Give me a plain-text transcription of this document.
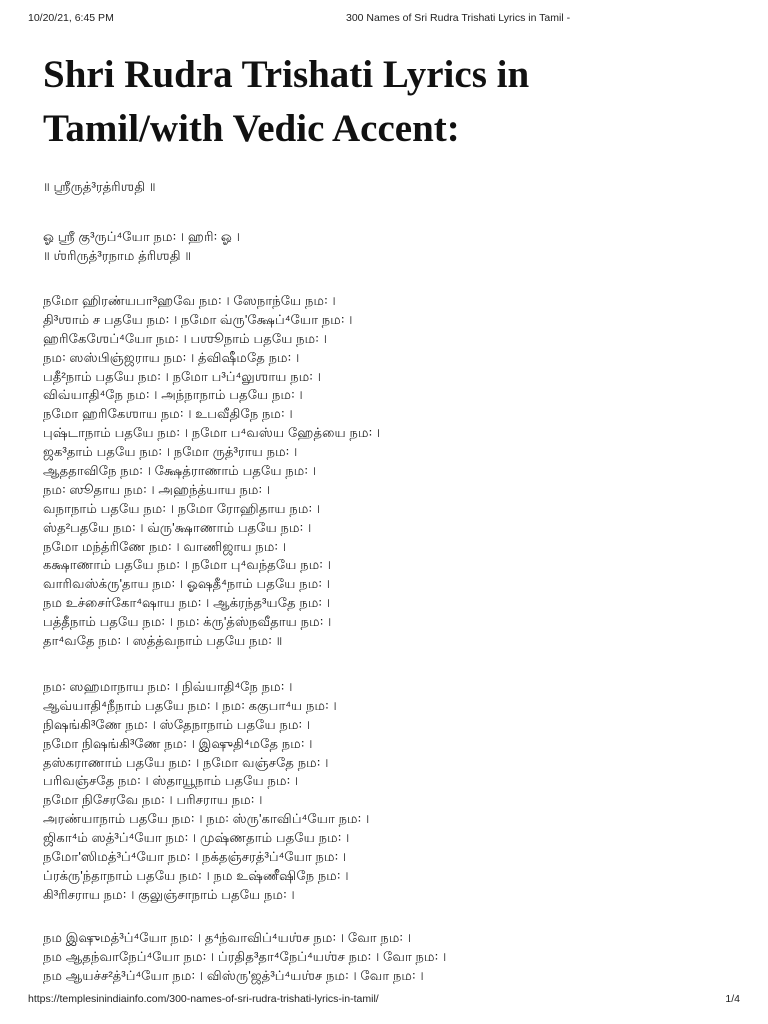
10/20/21, 6:45 PM	300 Names of Sri Rudra Trishati Lyrics in Tamil -
Shri Rudra Trishati Lyrics in Tamil/with Vedic Accent:
॥ ஶ்ரீருத்³ரத்ரிஶதி ॥
ஓ ஶ்ரீ கு³ருப்⁴யோ நம꞉ । ஹரி꞉ ஓ ।
॥ ஶ்ரிருத்³ரநாம த்ரிஶதி ॥
நமோ ஹிரண்யபா³ஹவே நம꞉ । ஸேநாந்யே நம꞉ ।
தி³ஶாம் ச பதயே நம꞉ । நமோ வ்ரு'க்ஷேப்⁴யோ நம꞉ ।
ஹரிகேஶேப்⁴யோ நம꞉ । பஶூநாம் பதயே நம꞉ ।
நம꞉ ஸஸ்பிஞ்ஜராய நம꞉ । த்விஷீமதே நம꞉ ।
பதீ²நாம் பதயே நம꞉ । நமோ ப³ப்⁴லுஶாய நம꞉ ।
விவ்யாதி⁴நே நம꞉ । அந்நாநாம் பதயே நம꞉ ।
நமோ ஹரிகேஶாய நம꞉ । உபவீதிநே நம꞉ ।
புஷ்டாநாம் பதயே நம꞉ । நமோ ப⁴வஸ்ய ஹேத்யை நம꞉ ।
ஜக³தாம் பதயே நம꞉ । நமோ ருத்³ராய நம꞉ ।
ஆததாவிநே நம꞉ । க்ஷேத்ராணாம் பதயே நம꞉ ।
நம꞉ ஸூதாய நம꞉ । அஹந்த்யாய நம꞉ ।
வநாநாம் பதயே நம꞉ । நமோ ரோஹிதாய நம꞉ ।
ஸ்த²பதயே நம꞉ । வ்ரு'க்ஷாணாம் பதயே நம꞉ ।
நமோ மந்த்ரிணே நம꞉ । வாணிஜாய நம꞉ ।
கக்ஷாணாம் பதயே நம꞉ । நமோ பு⁴வந்தயே நம꞉ ।
வாரிவஸ்க்ரு'தாய நம꞉ । ஓஷதீ⁴நாம் பதயே நம꞉ ।
நம உச்சைர்கோ⁴ஷாய நம꞉ । ஆக்ரந்த³யதே நம꞉ ।
பத்தீநாம் பதயே நம꞉ । நம꞉ க்ரு'த்ஸ்நவீதாய நம꞉ ।
தா⁴வதே நம꞉ । ஸத்த்வநாம் பதயே நம꞉ ॥
நம꞉ ஸஹமாநாய நம꞉ । நிவ்யாதி⁴நே நம꞉ ।
ஆவ்யாதி⁴நீநாம் பதயே நம꞉ । நம꞉ ககுபா⁴ய நம꞉ ।
நிஷங்கி³ணே நம꞉ । ஸ்தேநாநாம் பதயே நம꞉ ।
நமோ நிஷங்கி³ணே நம꞉ । இஷுதி⁴மதே நம꞉ ।
தஸ்கராணாம் பதயே நம꞉ । நமோ வஞ்சதே நம꞉ ।
பரிவஞ்சதே நம꞉ । ஸ்தாயூநாம் பதயே நம꞉ ।
நமோ நிசேரவே நம꞉ । பரிசராய நம꞉ ।
அரண்யாநாம் பதயே நம꞉ । நம꞉ ஸ்ரு'காவிப்⁴யோ நம꞉ ।
ஜிகா⁴ம் ஸத்³ப்⁴யோ நம꞉ । முஷ்ணதாம் பதயே நம꞉ ।
நமோ'ஸிமத்³ப்⁴யோ நம꞉ । நக்தஞ்சரத்³ப்⁴யோ நம꞉ ।
ப்ரக்ரு'ந்தாநாம் பதயே நம꞉ । நம உஷ்ணீஷிநே நம꞉ ।
கி³ரிசராய நம꞉ । குலுஞ்சாநாம் பதயே நம꞉ ।
நம இஷுமத்³ப்⁴யோ நம꞉ । த⁴ந்வாவிப்⁴யஶ்ச நம꞉ । வோ நம꞉ ।
நம ஆதந்வாநேப்⁴யோ நம꞉ । ப்ரதித³தா⁴நேப்⁴யஶ்ச நம꞉ । வோ நம꞉ ।
நம ஆயச்ச²த்³ப்⁴யோ நம꞉ । விஸ்ரு'ஜத்³ப்⁴யஶ்ச நம꞉ । வோ நம꞉ ।
https://templesinindiainfo.com/300-names-of-sri-rudra-trishati-lyrics-in-tamil/	1/4
